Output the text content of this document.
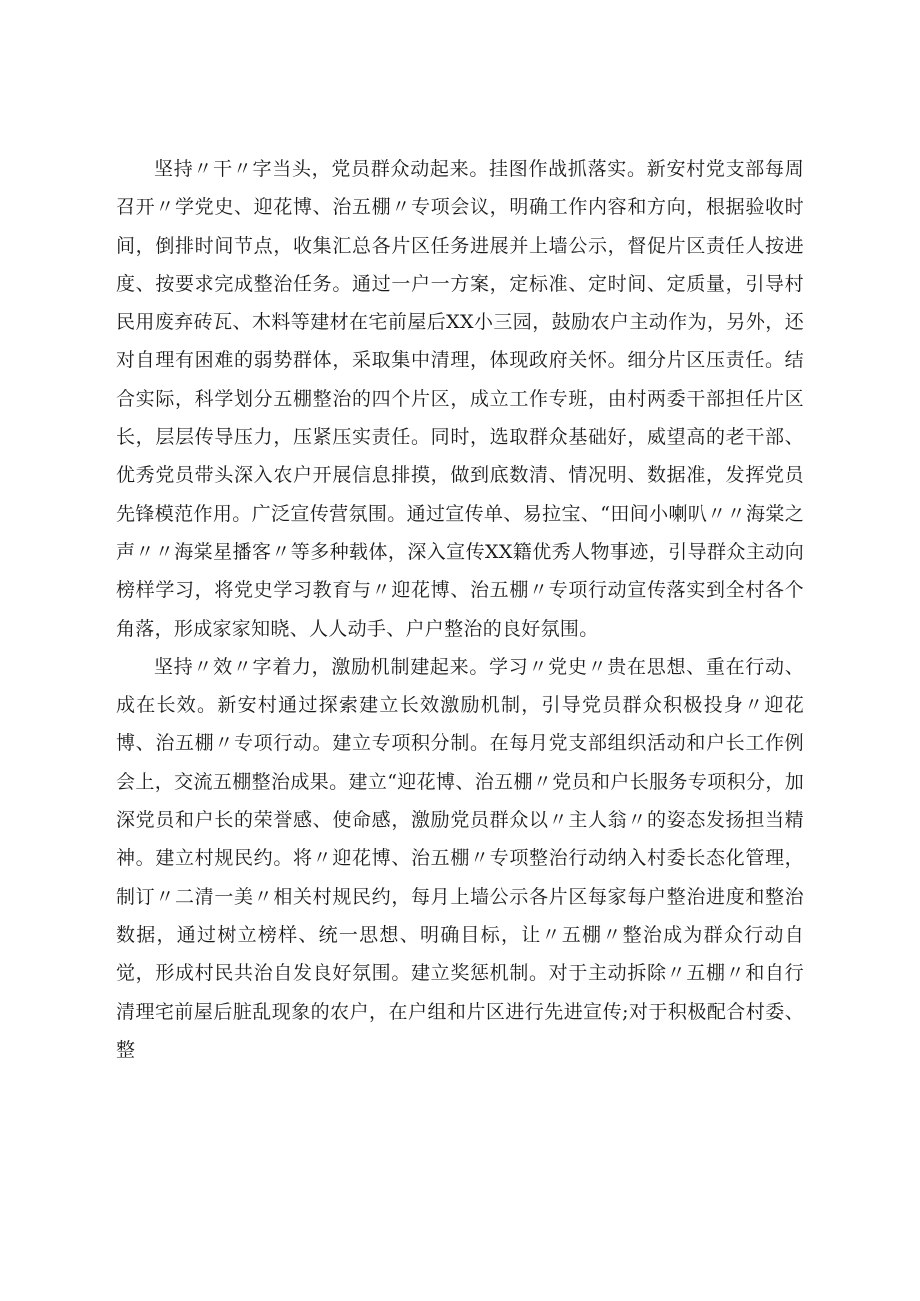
坚持〃干〃字当头，党员群众动起来。挂图作战抓落实。新安村党支部每周召开〃学党史、迎花博、治五棚〃专项会议，明确工作内容和方向，根据验收时间，倒排时间节点，收集汇总各片区任务进展并上墙公示，督促片区责任人按进度、按要求完成整治任务。通过一户一方案，定标准、定时间、定质量，引导村民用废弃砖瓦、木料等建材在宅前屋后XX小三园，鼓励农户主动作为，另外，还对自理有困难的弱势群体，采取集中清理，体现政府关怀。细分片区压责任。结合实际，科学划分五棚整治的四个片区，成立工作专班，由村两委干部担任片区长，层层传导压力，压紧压实责任。同时，选取群众基础好，威望高的老干部、优秀党员带头深入农户开展信息排摸，做到底数清、情况明、数据准，发挥党员先锋模范作用。广泛宣传营氛围。通过宣传单、易拉宝、“田间小喇叭〃〃海棠之声〃〃海棠星播客〃等多种载体，深入宣传XX籍优秀人物事迹，引导群众主动向榜样学习，将党史学习教育与〃迎花博、治五棚〃专项行动宣传落实到全村各个角落，形成家家知晓、人人动手、户户整治的良好氛围。

坚持〃效〃字着力，激励机制建起来。学习〃党史〃贵在思想、重在行动、成在长效。新安村通过探索建立长效激励机制，引导党员群众积极投身〃迎花博、治五棚〃专项行动。建立专项积分制。在每月党支部组织活动和户长工作例会上，交流五棚整治成果。建立“迎花博、治五棚〃党员和户长服务专项积分，加深党员和户长的荣誉感、使命感，激励党员群众以〃主人翁〃的姿态发扬担当精神。建立村规民约。将〃迎花博、治五棚〃专项整治行动纳入村委长态化管理，制订〃二清一美〃相关村规民约，每月上墙公示各片区每家每户整治进度和整治数据，通过树立榜样、统一思想、明确目标，让〃五棚〃整治成为群众行动自觉，形成村民共治自发良好氛围。建立奖惩机制。对于主动拆除〃五棚〃和自行清理宅前屋后脏乱现象的农户，在户组和片区进行先进宣传;对于积极配合村委、整
